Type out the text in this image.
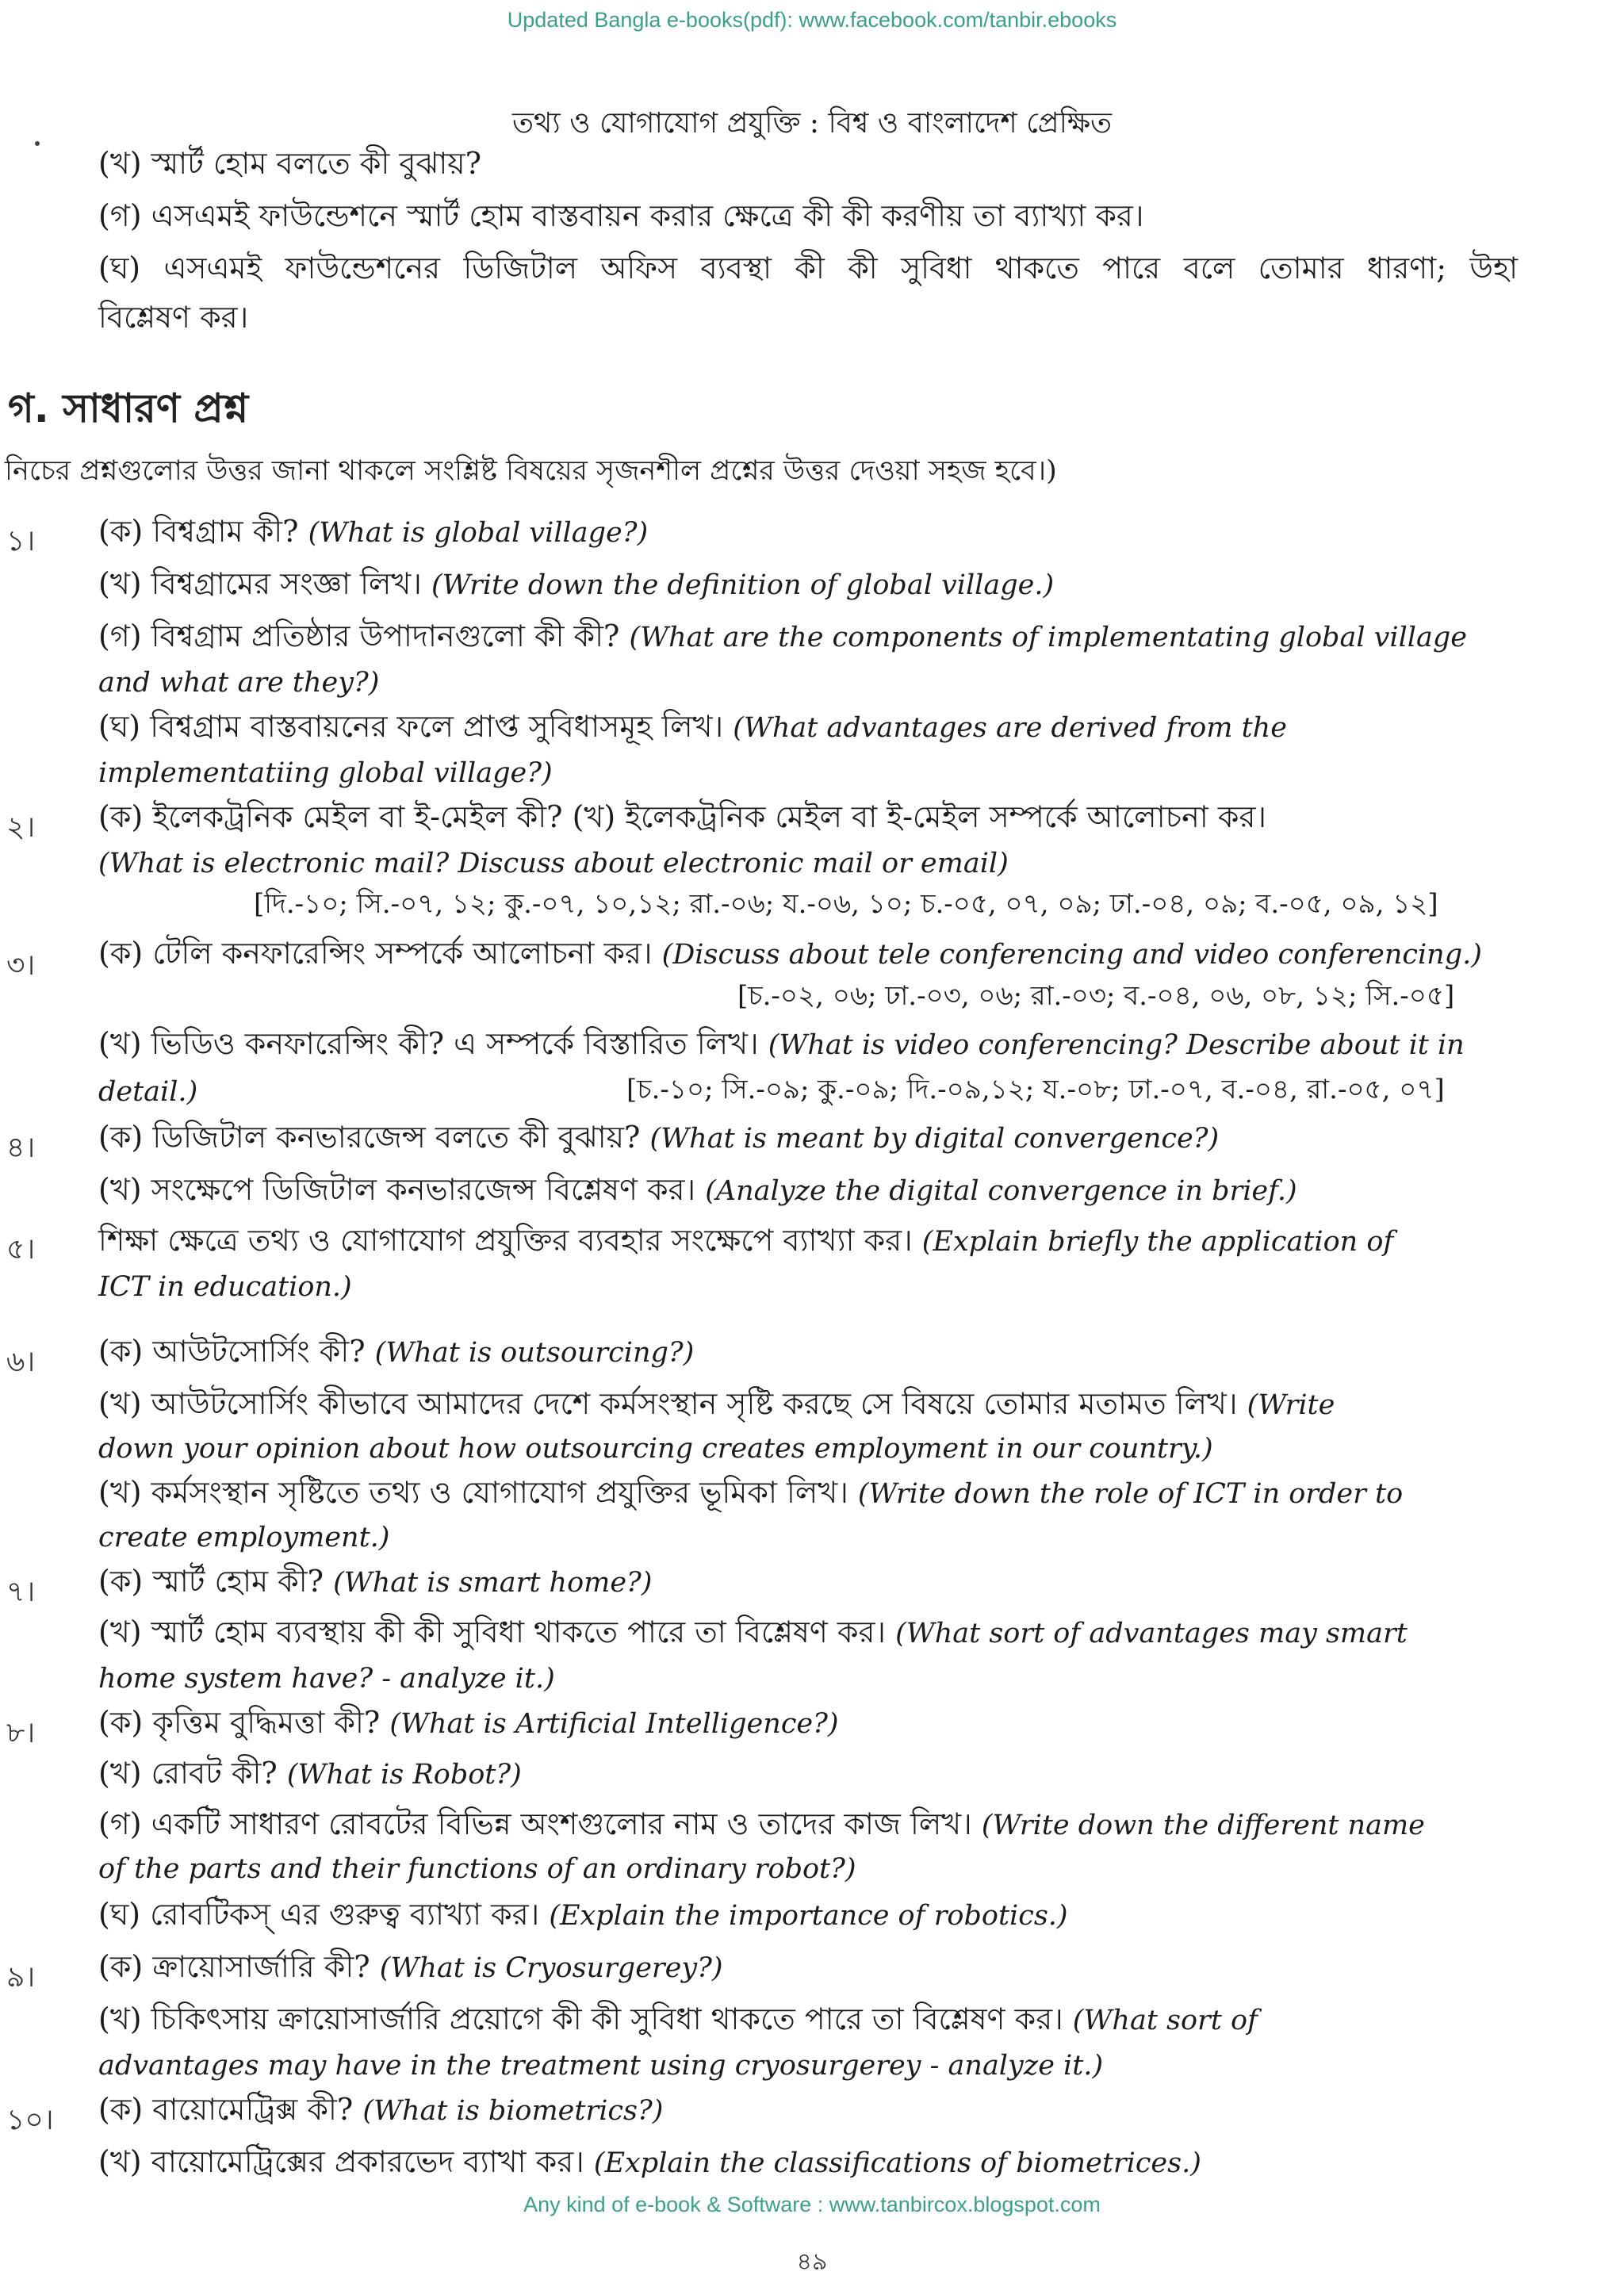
Updated Bangla e-books(pdf): www.facebook.com/tanbir.ebooks
তথ্য ও যোগাযোগ প্রযুক্তি : বিশ্ব ও বাংলাদেশ প্রেক্ষিত
(খ) স্মার্ট হোম বলতে কী বুঝায়?
(গ) এসএমই ফাউন্ডেশনে স্মার্ট হোম বাস্তবায়ন করার ক্ষেত্রে কী কী করণীয় তা ব্যাখ্যা কর।
(ঘ) এসএমই ফাউন্ডেশনের ডিজিটাল অফিস ব্যবস্থা কী কী সুবিধা থাকতে পারে বলে তোমার ধারণা; উহা
বিশ্লেষণ কর।
গ. সাধারণ প্রশ্ন
নিচের প্রশ্নগুলোর উত্তর জানা থাকলে সংশ্লিষ্ট বিষয়ের সৃজনশীল প্রশ্নের উত্তর দেওয়া সহজ হবে।)
১। (ক) বিশ্বগ্রাম কী? (What is global village?)
(খ) বিশ্বগ্রামের সংজ্ঞা লিখ। (Write down the definition of global village.)
(গ) বিশ্বগ্রাম প্রতিষ্ঠার উপাদানগুলো কী কী? (What are the components of implementating global village
and what are they?)
(ঘ) বিশ্বগ্রাম বাস্তবায়নের ফলে প্রাপ্ত সুবিধাসমূহ লিখ। (What advantages are derived from the
implementatiing global village?)
২। (ক) ইলেকট্রনিক মেইল বা ই-মেইল কী? (খ) ইলেকট্রনিক মেইল বা ই-মেইল সম্পর্কে আলোচনা কর।
(What is electronic mail? Discuss about electronic mail or email)
[দি.-১০; সি.-০৭, ১২; কু.-০৭, ১০,১২; রা.-০৬; য.-০৬, ১০; চ.-০৫, ০৭, ০৯; ঢা.-০৪, ০৯; ব.-০৫, ০৯, ১২]
৩। (ক) টেলি কনফারেন্সিং সম্পর্কে আলোচনা কর। (Discuss about tele conferencing and video conferencing.)
[চ.-০২, ০৬; ঢা.-০৩, ০৬; রা.-০৩; ব.-০৪, ০৬, ০৮, ১২; সি.-০৫]
(খ) ভিডিও কনফারেন্সিং কী? এ সম্পর্কে বিস্তারিত লিখ। (What is video conferencing? Describe about it in
detail.)	[চ.-১০; সি.-০৯; কু.-০৯; দি.-০৯,১২; য.-০৮; ঢা.-০৭, ব.-০৪, রা.-০৫, ০৭]
৪। (ক) ডিজিটাল কনভারজেন্স বলতে কী বুঝায়? (What is meant by digital convergence?)
(খ) সংক্ষেপে ডিজিটাল কনভারজেন্স বিশ্লেষণ কর। (Analyze the digital convergence in brief.)
৫। শিক্ষা ক্ষেত্রে তথ্য ও যোগাযোগ প্রযুক্তির ব্যবহার সংক্ষেপে ব্যাখ্যা কর। (Explain briefly the application of
ICT in education.)
৬। (ক) আউটসোর্সিং কী? (What is outsourcing?)
(খ) আউটসোর্সিং কীভাবে আমাদের দেশে কর্মসংস্থান সৃষ্টি করছে সে বিষয়ে তোমার মতামত লিখ। (Write
down your opinion about how outsourcing creates employment in our country.)
(খ) কর্মসংস্থান সৃষ্টিতে তথ্য ও যোগাযোগ প্রযুক্তির ভূমিকা লিখ। (Write down the role of ICT in order to
create employment.)
৭। (ক) স্মার্ট হোম কী? (What is smart home?)
(খ) স্মার্ট হোম ব্যবস্থায় কী কী সুবিধা থাকতে পারে তা বিশ্লেষণ কর। (What sort of advantages may smart
home system have? - analyze it.)
৮। (ক) কৃত্তিম বুদ্ধিমত্তা কী? (What is Artificial Intelligence?)
(খ) রোবট কী? (What is Robot?)
(গ) একটি সাধারণ রোবটের বিভিন্ন অংশগুলোর নাম ও তাদের কাজ লিখ। (Write down the different name
of the parts and their functions of an ordinary robot?)
(ঘ) রোবটিকস্ এর গুরুত্ব ব্যাখ্যা কর। (Explain the importance of robotics.)
৯। (ক) ক্রায়োসার্জারি কী? (What is Cryosurgerey?)
(খ) চিকিৎসায় ক্রায়োসার্জারি প্রয়োগে কী কী সুবিধা থাকতে পারে তা বিশ্লেষণ কর। (What sort of
advantages may have in the treatment using cryosurgerey - analyze it.)
১০। (ক) বায়োমেট্রিক্স কী? (What is biometrics?)
(খ) বায়োমেট্রিক্সের প্রকারভেদ ব্যাখা কর। (Explain the classifications of biometrices.)
Any kind of e-book & Software : www.tanbircox.blogspot.com
৪৯
